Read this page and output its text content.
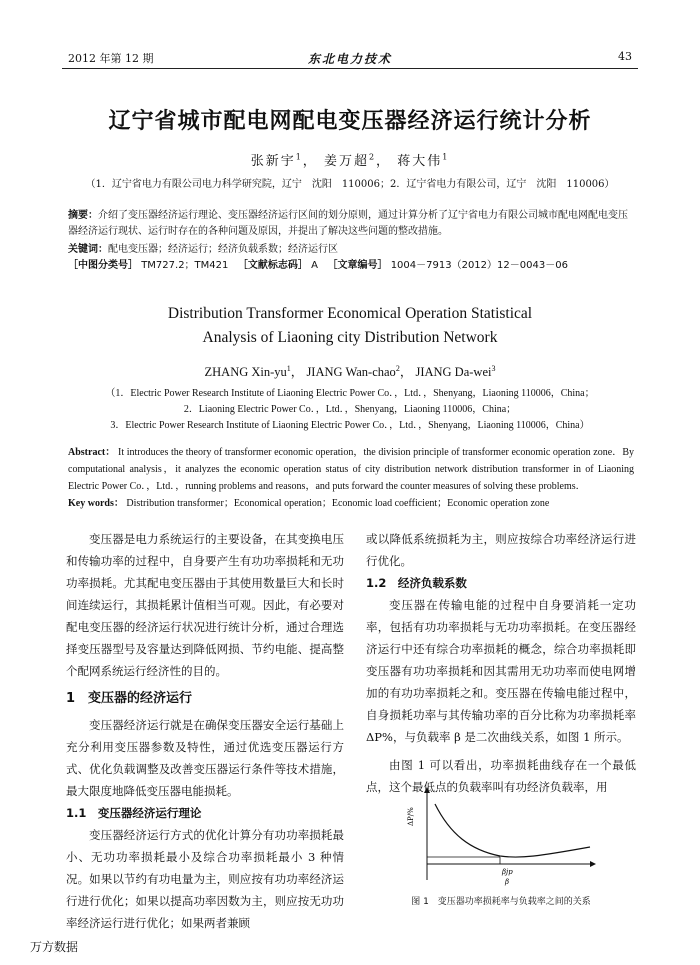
2012 年第 12 期	东北电力技术	43
辽宁省城市配电网配电变压器经济运行统计分析
张新宇$^1$， 姜万超$^2$， 蒋大伟$^1$
（1．辽宁省电力有限公司电力科学研究院，辽宁　沈阳　110006；2．辽宁省电力有限公司，辽宁　沈阳　110006）
摘要：介绍了变压器经济运行理论、变压器经济运行区间的划分原则，通过计算分析了辽宁省电力有限公司城市配电网配电变压器经济运行现状、运行时存在的各种问题及原因，并提出了解决这些问题的整改措施。
关键词：配电变压器；经济运行；经济负载系数；经济运行区
［中图分类号］ TM727.2；TM421 ［文献标志码］ A ［文章编号］ 1004－7913（2012）12－0043－06
Distribution Transformer Economical Operation Statistical
Analysis of Liaoning city Distribution Network
ZHANG Xin-$yu^1$， JIANG Wan-chao$^2$， JIANG Da-wei$^3$
（1．Electric Power Research Institute of Liaoning Electric Power Co．，Ltd．，Shenyang，Liaoning 110006，China；
2．Liaoning Electric Power Co．，Ltd．，Shenyang，Liaoning 110006，China；
3．Electric Power Research Institute of Liaoning Electric Power Co．，Ltd．，Shenyang，Liaoning 110006，China）
Abstract： It introduces the theory of transformer economic operation，the division principle of transformer economic operation zone．By computational analysis，it analyzes the economic operation status of city distribution network distribution transformer in of Liaoning Electric Power Co．，Ltd．，running problems and reasons，and puts forward the counter measures of solving these problems．
Key words： Distribution transformer；Economical operation；Economic load coefficient；Economic operation zone

变压器是电力系统运行的主要设备，在其变换电压和传输功率的过程中，自身要产生有功功率损耗和无功功率损耗。尤其配电变压器由于其使用数量巨大和长时间连续运行，其损耗累计值相当可观。因此，有必要对配电变压器的经济运行状况进行统计分析，通过合理选择变压器型号及容量达到降低网损、节约电能、提高整个配网系统运行经济性的目的。

1　变压器的经济运行

变压器经济运行就是在确保变压器安全运行基础上充分利用变压器参数及特性，通过优选变压器运行方式、优化负载调整及改善变压器运行条件等技术措施，最大限度地降低变压器电能损耗。

1.1　变压器经济运行理论

变压器经济运行方式的优化计算分有功功率损耗最小、无功功率损耗最小及综合功率损耗最小 3 种情况。如果以节约有功电量为主，则应按有功功率经济运行进行优化；如果以提高功率因数为主，则应按无功功率经济运行进行优化；如果两者兼顾

或以降低系统损耗为主，则应按综合功率经济运行进行优化。

1.2　经济负载系数

变压器在传输电能的过程中自身要消耗一定功率，包括有功功率损耗与无功功率损耗。在变压器经济运行中还有综合功率损耗的概念，综合功率损耗即变压器有功功率损耗和因其需用无功功率而使电网增加的有功功率损耗之和。变压器在传输电能过程中，自身损耗功率与其传输功率的百分比称为功率损耗率 ΔP%，与负载率 β 是二次曲线关系，如图 1 所示。

由图 1 可以看出，功率损耗曲线存在一个最低点，这个最低点的负载率叫有功经济负载率，用

ΔP/%
βjp
β
图 1　变压器功率损耗率与负载率之间的关系
万方数据
